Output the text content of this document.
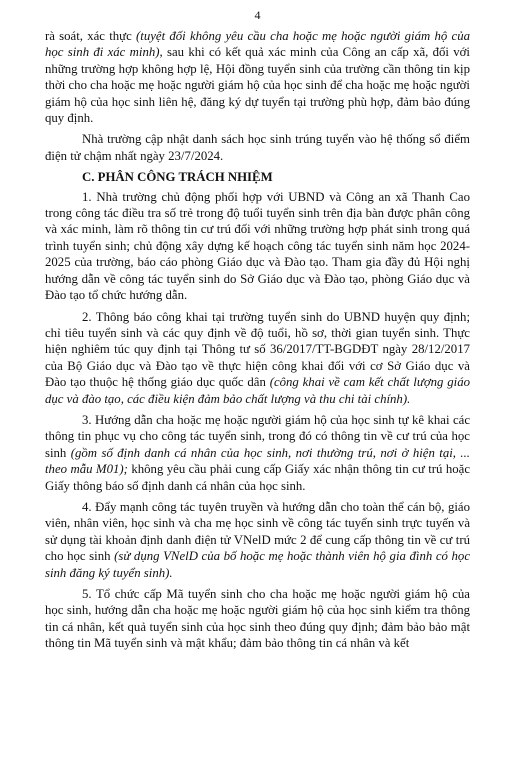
4

rà soát, xác thực (tuyệt đối không yêu cầu cha hoặc mẹ hoặc người giám hộ của học sinh đi xác minh), sau khi có kết quả xác minh của Công an cấp xã, đối với những trường hợp không hợp lệ, Hội đồng tuyển sinh của trường cần thông tin kịp thời cho cha hoặc mẹ hoặc người giám hộ của học sinh để cha hoặc mẹ hoặc người giám hộ của học sinh liên hệ, đăng ký dự tuyển tại trường phù hợp, đảm bảo đúng quy định.

Nhà trường cập nhật danh sách học sinh trúng tuyển vào hệ thống sổ điểm điện tử chậm nhất ngày 23/7/2024.

C. PHÂN CÔNG TRÁCH NHIỆM

1. Nhà trường chủ động phối hợp với UBND và Công an xã Thanh Cao trong công tác điều tra số trẻ trong độ tuổi tuyển sinh trên địa bàn được phân công và xác minh, làm rõ thông tin cư trú đối với những trường hợp phát sinh trong quá trình tuyển sinh; chủ động xây dựng kế hoạch công tác tuyển sinh năm học 2024- 2025 của trường, báo cáo phòng Giáo dục và Đào tạo. Tham gia đầy đủ Hội nghị hướng dẫn về công tác tuyển sinh do Sở Giáo dục và Đào tạo, phòng Giáo dục và Đào tạo tổ chức hướng dẫn.

2. Thông báo công khai tại trường tuyển sinh do UBND huyện quy định; chỉ tiêu tuyển sinh và các quy định về độ tuổi, hồ sơ, thời gian tuyển sinh. Thực hiện nghiêm túc quy định tại Thông tư số 36/2017/TT-BGDĐT ngày 28/12/2017 của Bộ Giáo dục và Đào tạo về thực hiện công khai đối với cơ Sở Giáo dục và Đào tạo thuộc hệ thống giáo dục quốc dân (công khai về cam kết chất lượng giáo dục và đào tạo, các điều kiện đảm bảo chất lượng và thu chi tài chính).

3. Hướng dẫn cha hoặc mẹ hoặc người giám hộ của học sinh tự kê khai các thông tin phục vụ cho công tác tuyển sinh, trong đó có thông tin về cư trú của học sinh (gồm số định danh cá nhân của học sinh, nơi thường trú, nơi ở hiện tại, ... theo mẫu M01); không yêu cầu phải cung cấp Giấy xác nhận thông tin cư trú hoặc Giấy thông báo số định danh cá nhân của học sinh.

4. Đẩy mạnh công tác tuyên truyền và hướng dẫn cho toàn thể cán bộ, giáo viên, nhân viên, học sinh và cha mẹ học sinh về công tác tuyển sinh trực tuyến và sử dụng tài khoản định danh điện tử VNelD mức 2 để cung cấp thông tin về cư trú cho học sinh (sử dụng VNelD của bố hoặc mẹ hoặc thành viên hộ gia đình có học sinh đăng ký tuyển sinh).

5. Tổ chức cấp Mã tuyển sinh cho cha hoặc mẹ hoặc người giám hộ của học sinh, hướng dẫn cha hoặc mẹ hoặc người giám hộ của học sinh kiểm tra thông tin cá nhân, kết quả tuyển sinh của học sinh theo đúng quy định; đảm bảo bảo mật thông tin Mã tuyển sinh và mật khẩu; đảm bảo thông tin cá nhân và kết
